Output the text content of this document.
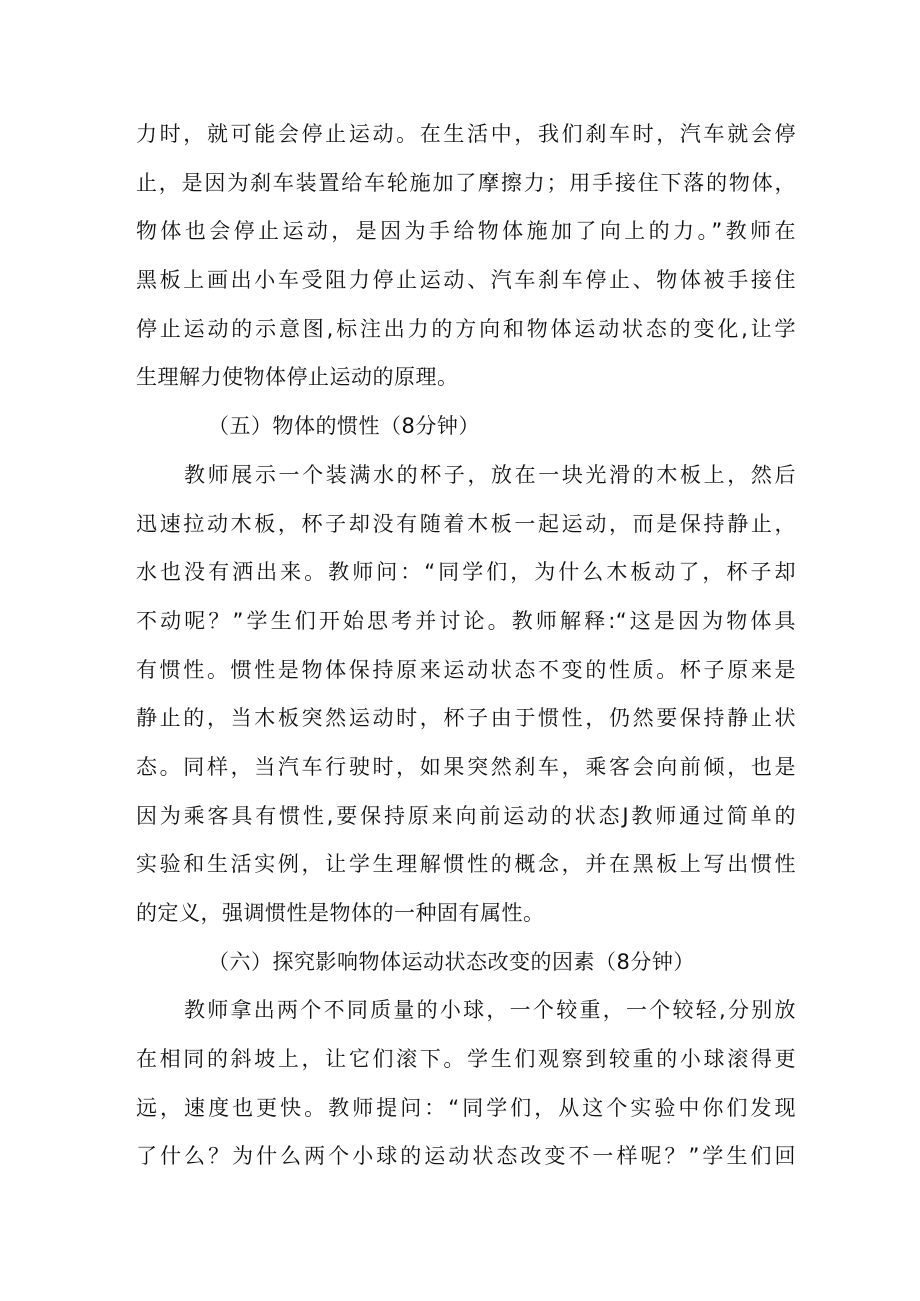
力时，就可能会停止运动。在生活中，我们刹车时，汽车就会停
止，是因为刹车装置给车轮施加了摩擦力；用手接住下落的物体，
物体也会停止运动，是因为手给物体施加了向上的力。”教师在
黑板上画出小车受阻力停止运动、汽车刹车停止、物体被手接住
停止运动的示意图,标注出力的方向和物体运动状态的变化,让学
生理解力使物体停止运动的原理。
（五）物体的惯性（8分钟）
教师展示一个装满水的杯子，放在一块光滑的木板上，然后
迅速拉动木板，杯子却没有随着木板一起运动，而是保持静止，
水也没有洒出来。教师问：“同学们，为什么木板动了，杯子却
不动呢？”学生们开始思考并讨论。教师解释:“这是因为物体具
有惯性。惯性是物体保持原来运动状态不变的性质。杯子原来是
静止的，当木板突然运动时，杯子由于惯性，仍然要保持静止状
态。同样，当汽车行驶时，如果突然刹车，乘客会向前倾，也是
因为乘客具有惯性,要保持原来向前运动的状态J教师通过简单的
实验和生活实例，让学生理解惯性的概念，并在黑板上写出惯性
的定义，强调惯性是物体的一种固有属性。
（六）探究影响物体运动状态改变的因素（8分钟）
教师拿出两个不同质量的小球，一个较重，一个较轻,分别放
在相同的斜坡上，让它们滚下。学生们观察到较重的小球滚得更
远，速度也更快。教师提问：“同学们，从这个实验中你们发现
了什么？为什么两个小球的运动状态改变不一样呢？”学生们回
